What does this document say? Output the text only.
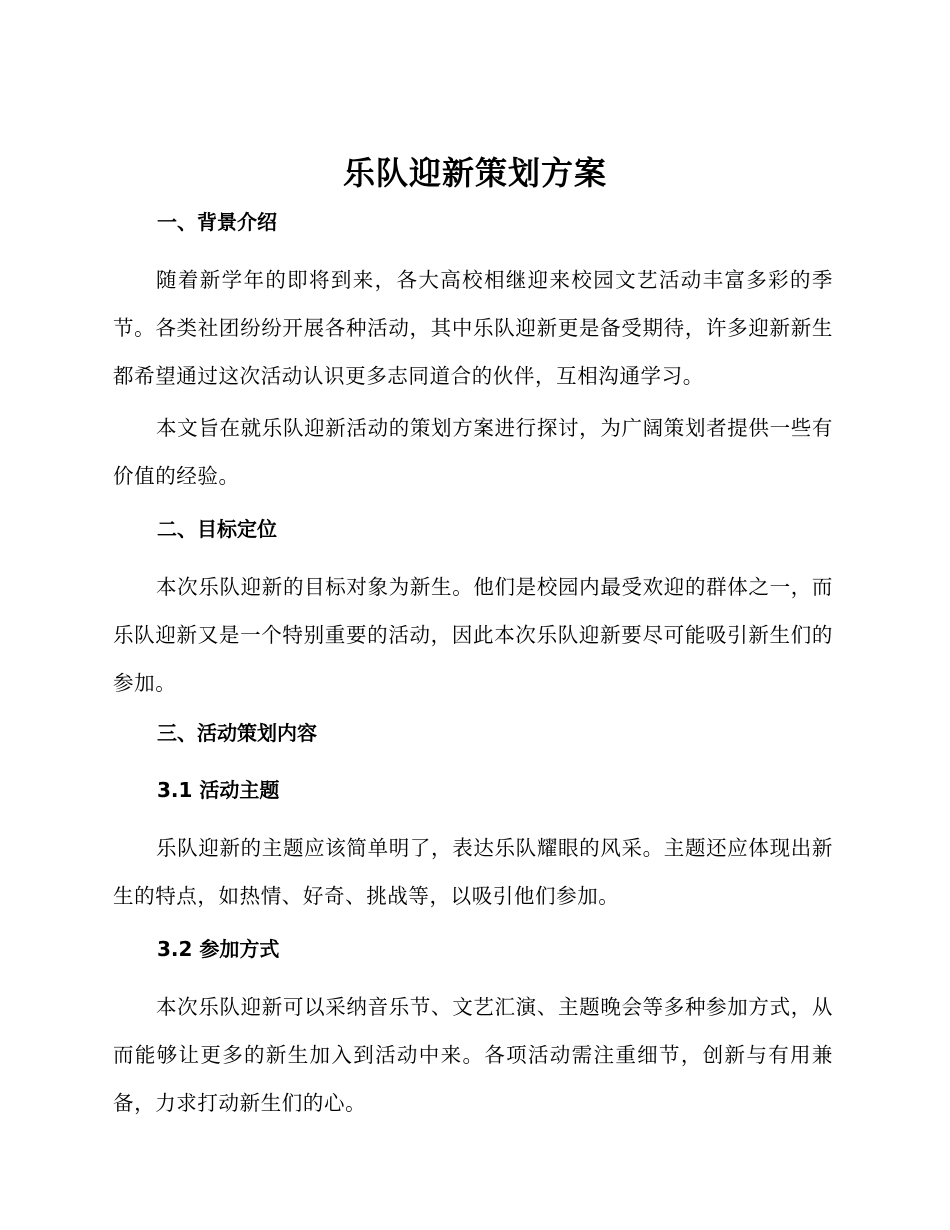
乐队迎新策划方案
一、背景介绍
随着新学年的即将到来，各大高校相继迎来校园文艺活动丰富多彩的季节。各类社团纷纷开展各种活动，其中乐队迎新更是备受期待，许多迎新新生都希望通过这次活动认识更多志同道合的伙伴，互相沟通学习。
本文旨在就乐队迎新活动的策划方案进行探讨，为广阔策划者提供一些有价值的经验。
二、目标定位
本次乐队迎新的目标对象为新生。他们是校园内最受欢迎的群体之一，而乐队迎新又是一个特别重要的活动，因此本次乐队迎新要尽可能吸引新生们的参加。
三、活动策划内容
3.1 活动主题
乐队迎新的主题应该简单明了，表达乐队耀眼的风采。主题还应体现出新生的特点，如热情、好奇、挑战等，以吸引他们参加。
3.2 参加方式
本次乐队迎新可以采纳音乐节、文艺汇演、主题晚会等多种参加方式，从而能够让更多的新生加入到活动中来。各项活动需注重细节，创新与有用兼备，力求打动新生们的心。
